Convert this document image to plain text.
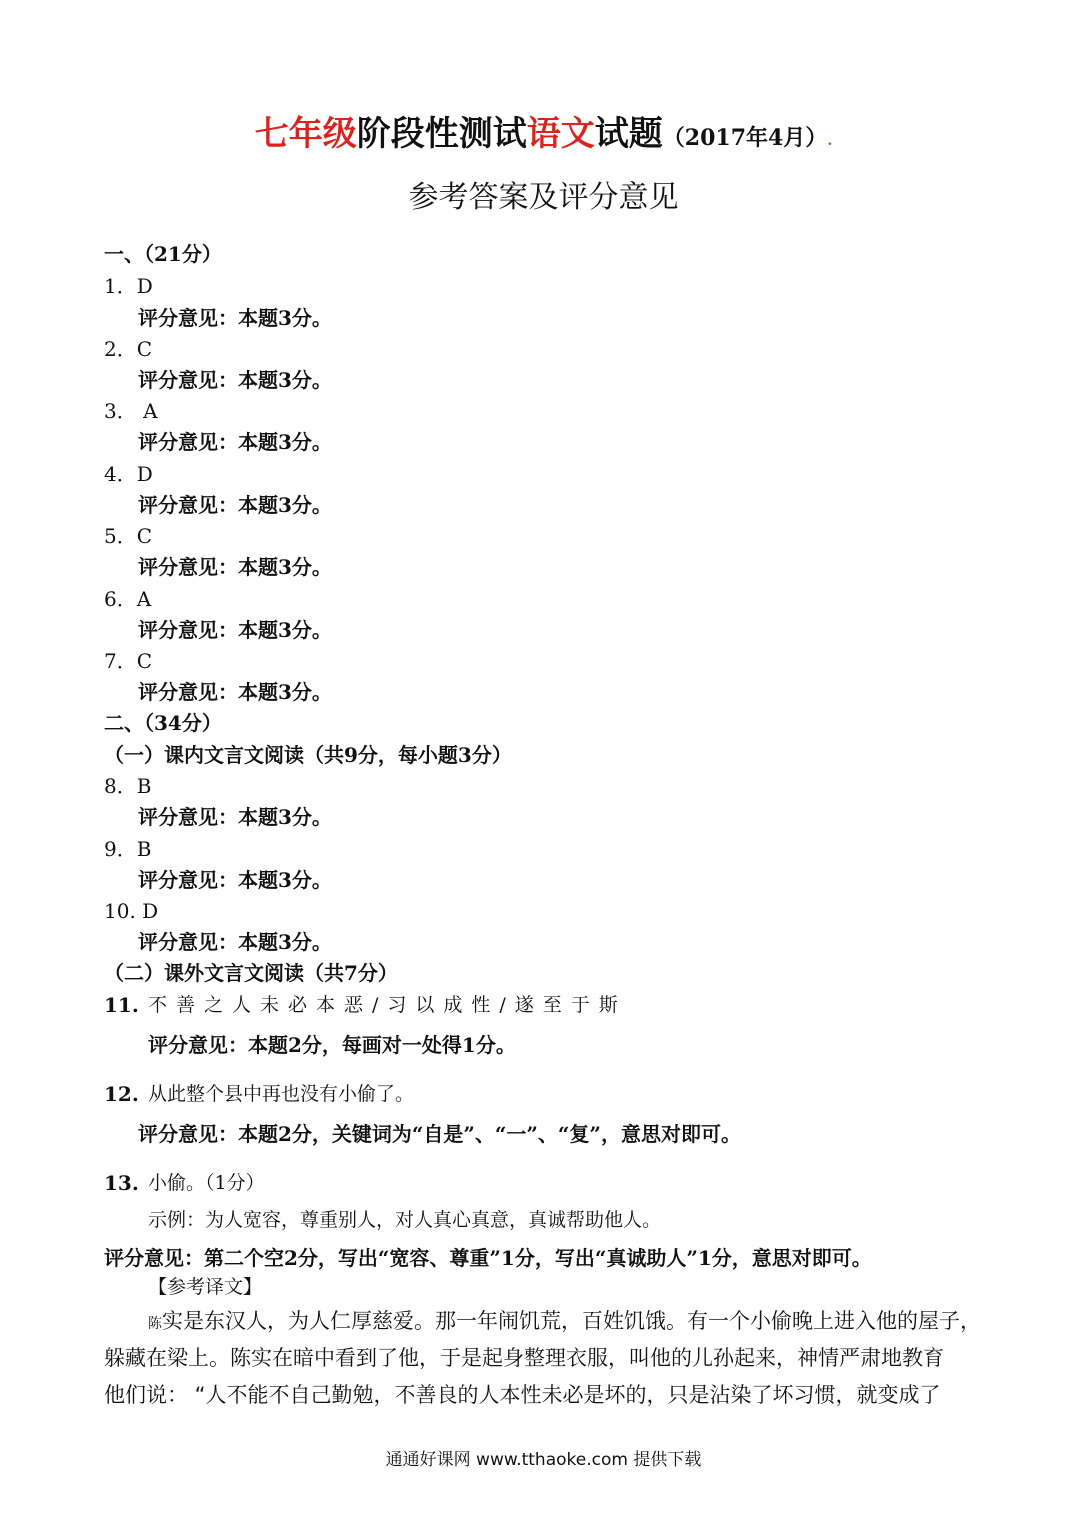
七年级阶段性测试语文试题（2017年4月）.
参考答案及评分意见
一、（21分）
1．D
评分意见：本题3分。
2．C
评分意见：本题3分。
3． A
评分意见：本题3分。
4．D
评分意见：本题3分。
5．C
评分意见：本题3分。
6．A
评分意见：本题3分。
7．C
评分意见：本题3分。
二、（34分）
（一）课内文言文阅读（共9分，每小题3分）
8．B
评分意见：本题3分。
9．B
评分意见：本题3分。
10. D
评分意见：本题3分。
（二）课外文言文阅读（共7分）
11. 不善之人未必本恶/习以成性/遂至于斯
评分意见：本题2分，每画对一处得1分。
12. 从此整个县中再也没有小偷了。
评分意见：本题2分，关键词为“自是”、“一”、“复”，意思对即可。
13. 小偷。（1分）
示例：为人宽容，尊重别人，对人真心真意，真诚帮助他人。
评分意见：第二个空2分，写出“宽容、尊重”1分，写出“真诚助人”1分，意思对即可。
【参考译文】
陈实是东汉人，为人仁厚慈爱。那一年闹饥荒，百姓饥饿。有一个小偷晚上进入他的屋子，
躲藏在梁上。陈实在暗中看到了他，于是起身整理衣服，叫他的儿孙起来，神情严肃地教育
他们说： “人不能不自己勤勉，不善良的人本性未必是坏的，只是沾染了坏习惯，就变成了
通通好课网 www.tthaoke.com 提供下载
